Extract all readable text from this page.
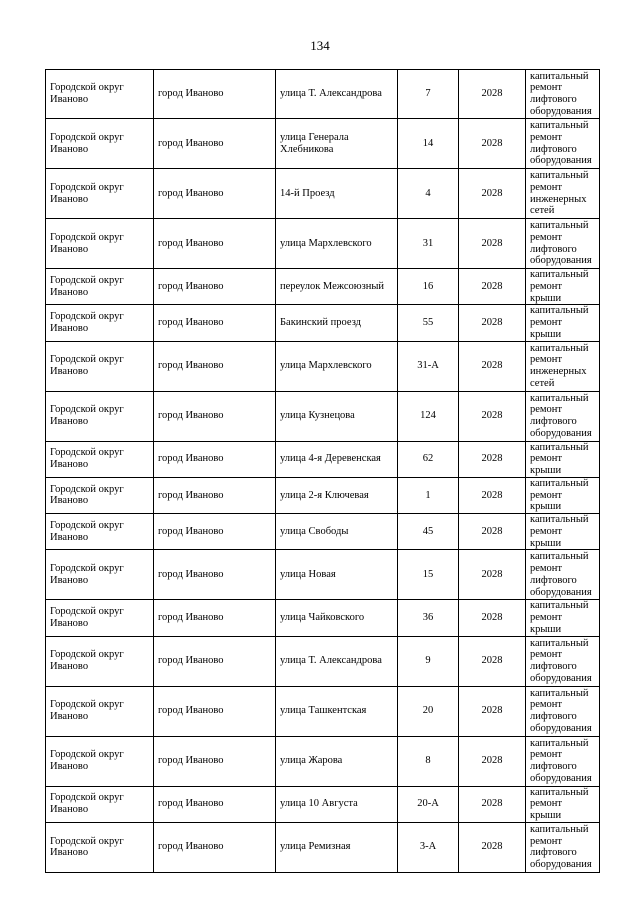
134
Городской округ Иваново	город Иваново	улица Т. Александрова	7	2028	капитальный ремонт лифтового оборудования
Городской округ Иваново	город Иваново	улица Генерала Хлебникова	14	2028	капитальный ремонт лифтового оборудования
Городской округ Иваново	город Иваново	14-й Проезд	4	2028	капитальный ремонт инженерных сетей
Городской округ Иваново	город Иваново	улица Мархлевского	31	2028	капитальный ремонт лифтового оборудования
Городской округ Иваново	город Иваново	переулок Межсоюзный	16	2028	капитальный ремонт крыши
Городской округ Иваново	город Иваново	Бакинский проезд	55	2028	капитальный ремонт крыши
Городской округ Иваново	город Иваново	улица Мархлевского	31-А	2028	капитальный ремонт инженерных сетей
Городской округ Иваново	город Иваново	улица Кузнецова	124	2028	капитальный ремонт лифтового оборудования
Городской округ Иваново	город Иваново	улица 4-я Деревенская	62	2028	капитальный ремонт крыши
Городской округ Иваново	город Иваново	улица 2-я Ключевая	1	2028	капитальный ремонт крыши
Городской округ Иваново	город Иваново	улица Свободы	45	2028	капитальный ремонт крыши
Городской округ Иваново	город Иваново	улица Новая	15	2028	капитальный ремонт лифтового оборудования
Городской округ Иваново	город Иваново	улица Чайковского	36	2028	капитальный ремонт крыши
Городской округ Иваново	город Иваново	улица Т. Александрова	9	2028	капитальный ремонт лифтового оборудования
Городской округ Иваново	город Иваново	улица Ташкентская	20	2028	капитальный ремонт лифтового оборудования
Городской округ Иваново	город Иваново	улица Жарова	8	2028	капитальный ремонт лифтового оборудования
Городской округ Иваново	город Иваново	улица 10 Августа	20-А	2028	капитальный ремонт крыши
Городской округ Иваново	город Иваново	улица Ремизная	3-А	2028	капитальный ремонт лифтового оборудования
